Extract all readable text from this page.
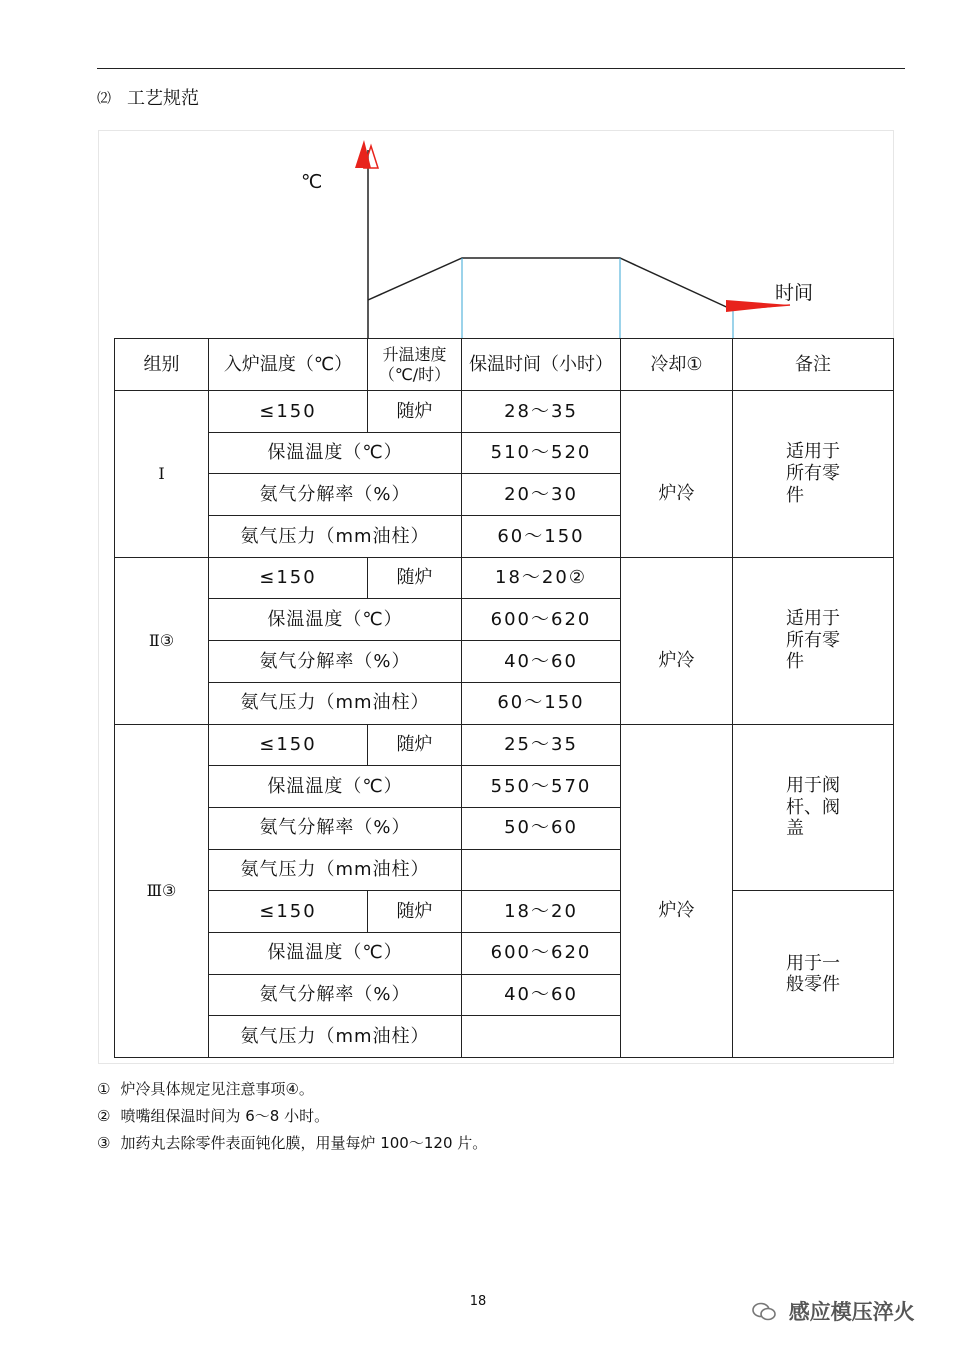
⑵ 工艺规范
℃
时间
组别	入炉温度（℃）	升温速度（℃/时）	保温时间（小时）	冷却①	备注
Ⅰ	≤150	随炉	28～35	炉冷	适用于所有零件
	保温温度（℃）		510～520		
	氨气分解率（%）		20～30		
	氨气压力（mm油柱）		60～150		
Ⅱ③	≤150	随炉	18～20②	炉冷	适用于所有零件
	保温温度（℃）		600～620		
	氨气分解率（%）		40～60		
	氨气压力（mm油柱）		60～150		
Ⅲ③	≤150	随炉	25～35	炉冷	用于阀杆、阀盖
	保温温度（℃）		550～570		
	氨气分解率（%）		50～60		
	氨气压力（mm油柱）				
	≤150	随炉	18～20		用于一般零件
	保温温度（℃）		600～620		
	氨气分解率（%）		40～60		
	氨气压力（mm油柱）				
① 炉冷具体规定见注意事项④。
② 喷嘴组保温时间为 6～8 小时。
③ 加药丸去除零件表面钝化膜，用量每炉 100～120 片。
18	感应模压淬火
